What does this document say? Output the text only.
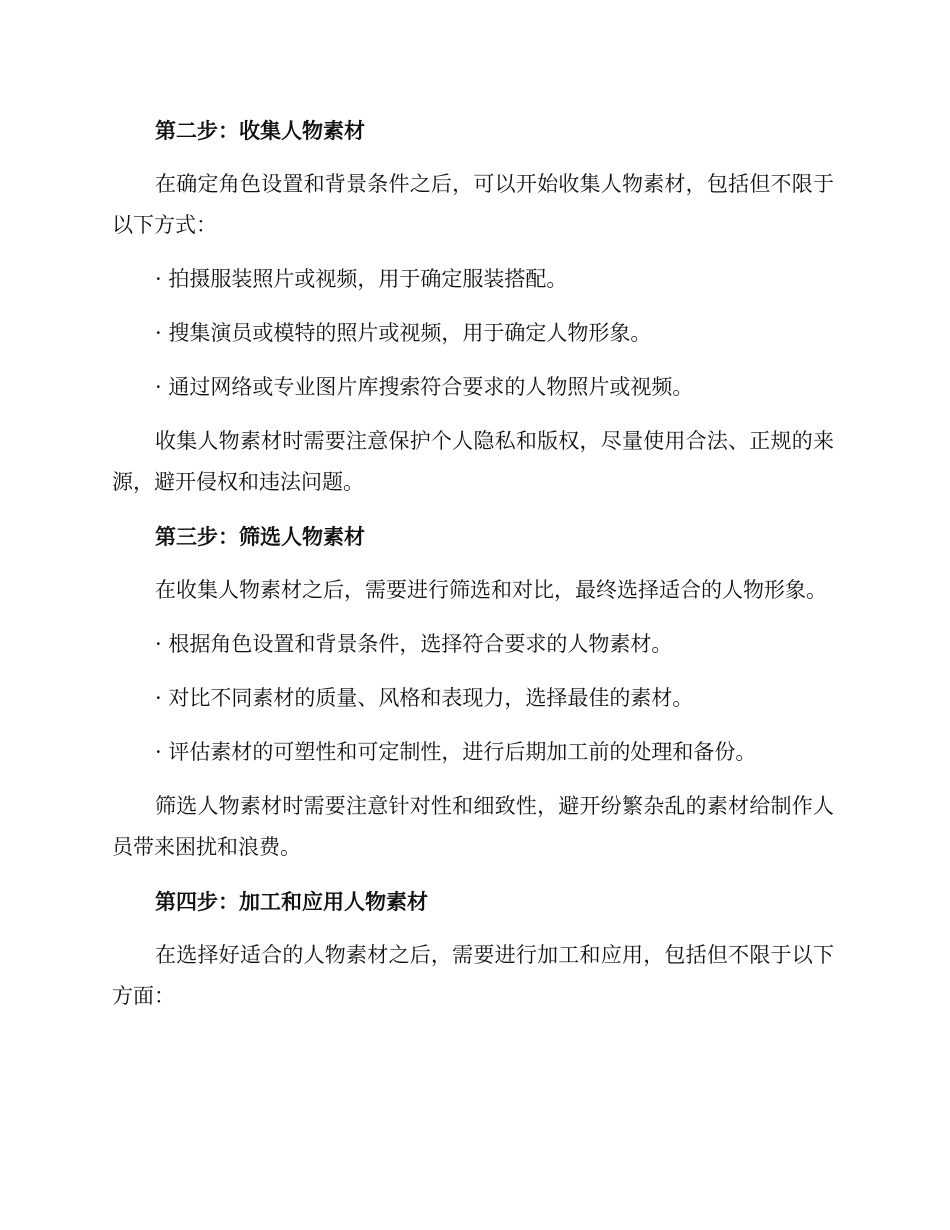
第二步：收集人物素材

在确定角色设置和背景条件之后，可以开始收集人物素材，包括但不限于以下方式：

· 拍摄服装照片或视频，用于确定服装搭配。

· 搜集演员或模特的照片或视频，用于确定人物形象。

· 通过网络或专业图片库搜索符合要求的人物照片或视频。

收集人物素材时需要注意保护个人隐私和版权，尽量使用合法、正规的来源，避开侵权和违法问题。

第三步：筛选人物素材

在收集人物素材之后，需要进行筛选和对比，最终选择适合的人物形象。

· 根据角色设置和背景条件，选择符合要求的人物素材。

· 对比不同素材的质量、风格和表现力，选择最佳的素材。

· 评估素材的可塑性和可定制性，进行后期加工前的处理和备份。

筛选人物素材时需要注意针对性和细致性，避开纷繁杂乱的素材给制作人员带来困扰和浪费。

第四步：加工和应用人物素材

在选择好适合的人物素材之后，需要进行加工和应用，包括但不限于以下方面：
